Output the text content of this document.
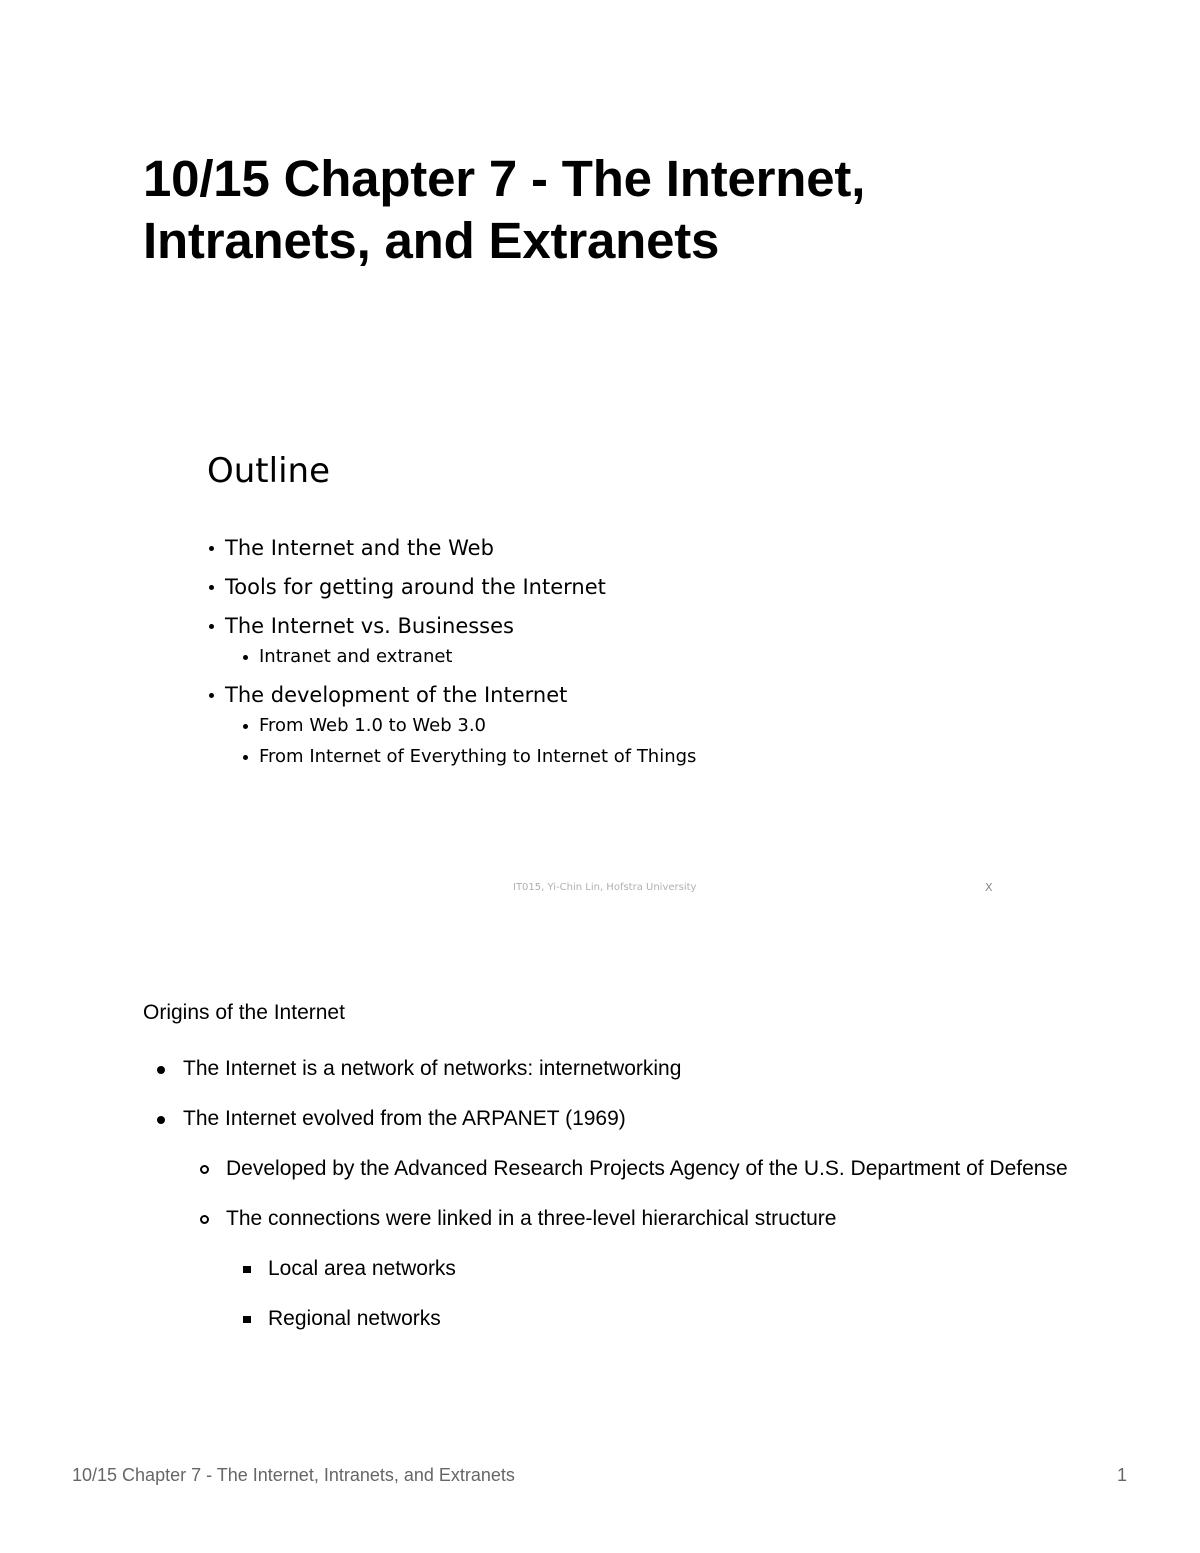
10/15 Chapter 7 - The Internet, Intranets, and Extranets
Outline
The Internet and the Web
Tools for getting around the Internet
The Internet vs. Businesses
Intranet and extranet
The development of the Internet
From Web 1.0 to Web 3.0
From Internet of Everything to Internet of Things
IT015, Yi-Chin Lin, Hofstra University	X
Origins of the Internet
The Internet is a network of networks: internetworking
The Internet evolved from the ARPANET (1969)
Developed by the Advanced Research Projects Agency of the U.S. Department of Defense
The connections were linked in a three-level hierarchical structure
Local area networks
Regional networks
10/15 Chapter 7 - The Internet, Intranets, and Extranets	1
